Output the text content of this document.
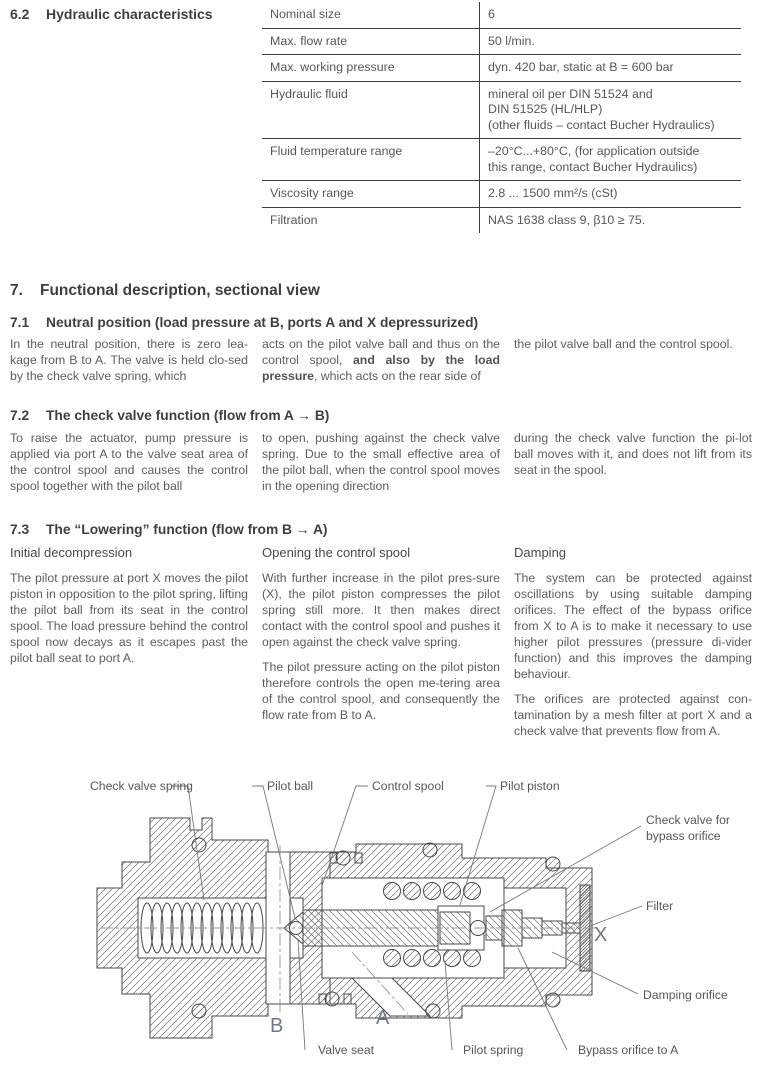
6.2 Hydraulic characteristics	Nominal size	6
Max. flow rate	50 l/min.
Max. working pressure	dyn. 420 bar, static at B = 600 bar
Hydraulic fluid	mineral oil per DIN 51524 and
DIN 51525 (HL/HLP)
(other fluids – contact Bucher Hydraulics)
Fluid temperature range	–20°C...+80°C, (for application outside
this range, contact Bucher Hydraulics)
Viscosity range	2.8 ... 1500 mm²/s (cSt)
Filtration	NAS 1638 class 9, β10 ≥ 75.
7. Functional description, sectional view
7.1 Neutral position (load pressure at B, ports A and X depressurized)
In the neutral position, there is zero lea-kage from B to A. The valve is held clo-sed by the check valve spring, which
acts on the pilot valve ball and thus on the control spool, and also by the load pressure, which acts on the rear side of
the pilot valve ball and the control spool.
7.2 The check valve function (flow from A → B)
To raise the actuator, pump pressure is applied via port A to the valve seat area of the control spool and causes the control spool together with the pilot ball
to open, pushing against the check valve spring. Due to the small effective area of the pilot ball, when the control spool moves in the opening direction
during the check valve function the pi-lot ball moves with it, and does not lift from its seat in the spool.
7.3 The “Lowering” function (flow from B → A)
Initial decompression	Opening the control spool	Damping

The pilot pressure at port X moves the pilot piston in opposition to the pilot spring, lifting the pilot ball from its seat in the control spool. The load pressure behind the control spool now decays as it escapes past the pilot ball seat to port A.

With further increase in the pilot pres-sure (X), the pilot piston compresses the pilot spring still more. It then makes direct contact with the control spool and pushes it open against the check valve spring.

The pilot pressure acting on the pilot piston therefore controls the open me-tering area of the control spool, and consequently the flow rate from B to A.

The system can be protected against oscillations by using suitable damping orifices. The effect of the bypass orifice from X to A is to make it necessary to use higher pilot pressures (pressure di-vider function) and this improves the damping behaviour.

The orifices are protected against con-tamination by a mesh filter at port X and a check valve that prevents flow from A.

Check valve spring	Pilot ball	Control spool	Pilot piston
Check valve for
bypass orifice
Filter
Damping orifice
Bypass orifice to A
Pilot spring
Valve seat
B	A
X
